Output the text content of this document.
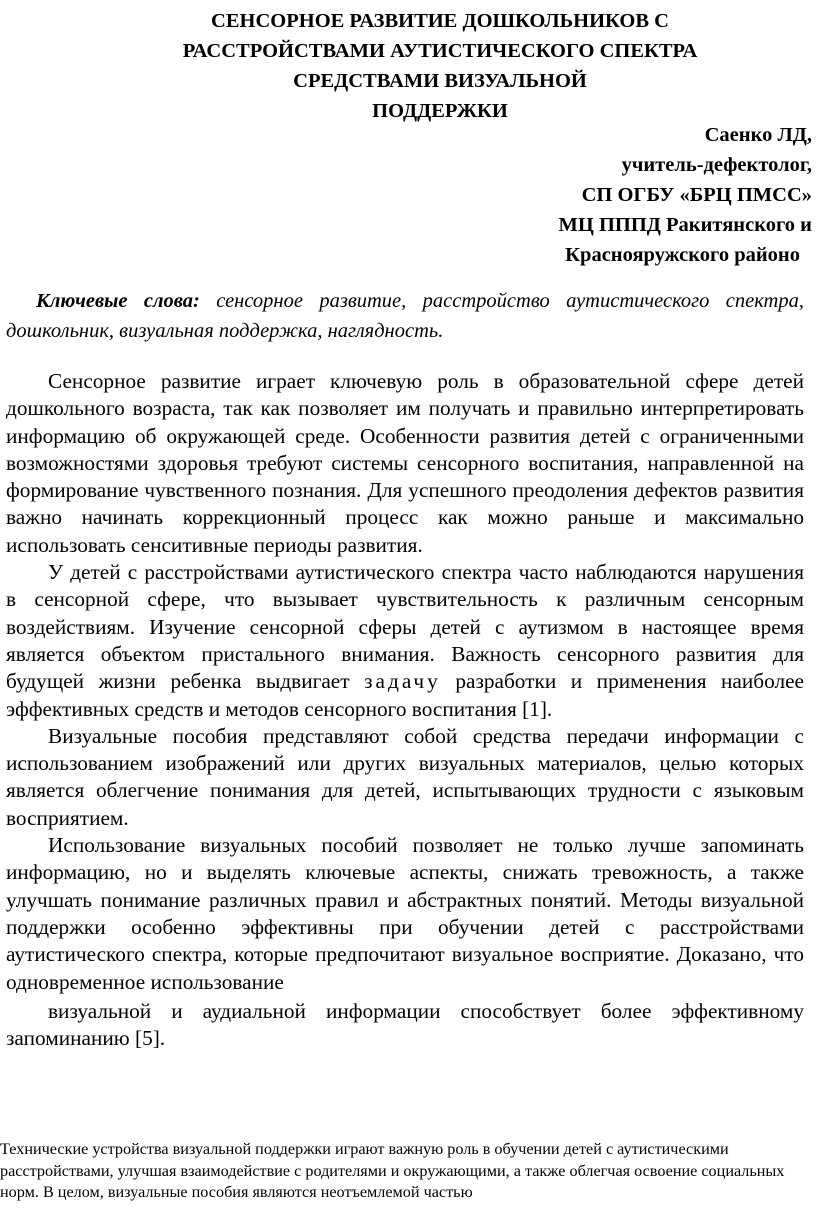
СЕНСОРНОЕ РАЗВИТИЕ ДОШКОЛЬНИКОВ С
РАССТРОЙСТВАМИ АУТИСТИЧЕСКОГО СПЕКТРА
СРЕДСТВАМИ ВИЗУАЛЬНОЙ
ПОДДЕРЖКИ
Саенко ЛД,
учитель-дефектолог,
СП ОГБУ «БРЦ ПМСС»
МЦ ПППД Ракитянского и
Краснояружского районо

Ключевые слова: сенсорное развитие, расстройство аутистического спектра, дошкольник, визуальная поддержка, наглядность.

Сенсорное развитие играет ключевую роль в образовательной сфере детей дошкольного возраста, так как позволяет им получать и правильно интерпретировать информацию об окружающей среде. Особенности развития детей с ограниченными возможностями здоровья требуют системы сенсорного воспитания, направленной на формирование чувственного познания. Для успешного преодоления дефектов развития важно начинать коррекционный процесс как можно раньше и максимально использовать сенситивные периоды развития.

У детей с расстройствами аутистического спектра часто наблюдаются нарушения в сенсорной сфере, что вызывает чувствительность к различным сенсорным воздействиям. Изучение сенсорной сферы детей с аутизмом в настоящее время является объектом пристального внимания. Важность сенсорного развития для будущей жизни ребенка выдвигает задачу разработки и применения наиболее эффективных средств и методов сенсорного воспитания [1].

Визуальные пособия представляют собой средства передачи информации с использованием изображений или других визуальных материалов, целью которых является облегчение понимания для детей, испытывающих трудности с языковым восприятием.

Использование визуальных пособий позволяет не только лучше запоминать информацию, но и выделять ключевые аспекты, снижать тревожность, а также улучшать понимание различных правил и абстрактных понятий. Методы визуальной поддержки особенно эффективны при обучении детей с расстройствами аутистического спектра, которые предпочитают визуальное восприятие. Доказано, что одновременное использование

визуальной и аудиальной информации способствует более эффективному запоминанию [5].

Технические устройства визуальной поддержки играют важную роль в обучении детей с аутистическими расстройствами, улучшая взаимодействие с родителями и окружающими, а также облегчая освоение социальных норм. В целом, визуальные пособия являются неотъемлемой частью
